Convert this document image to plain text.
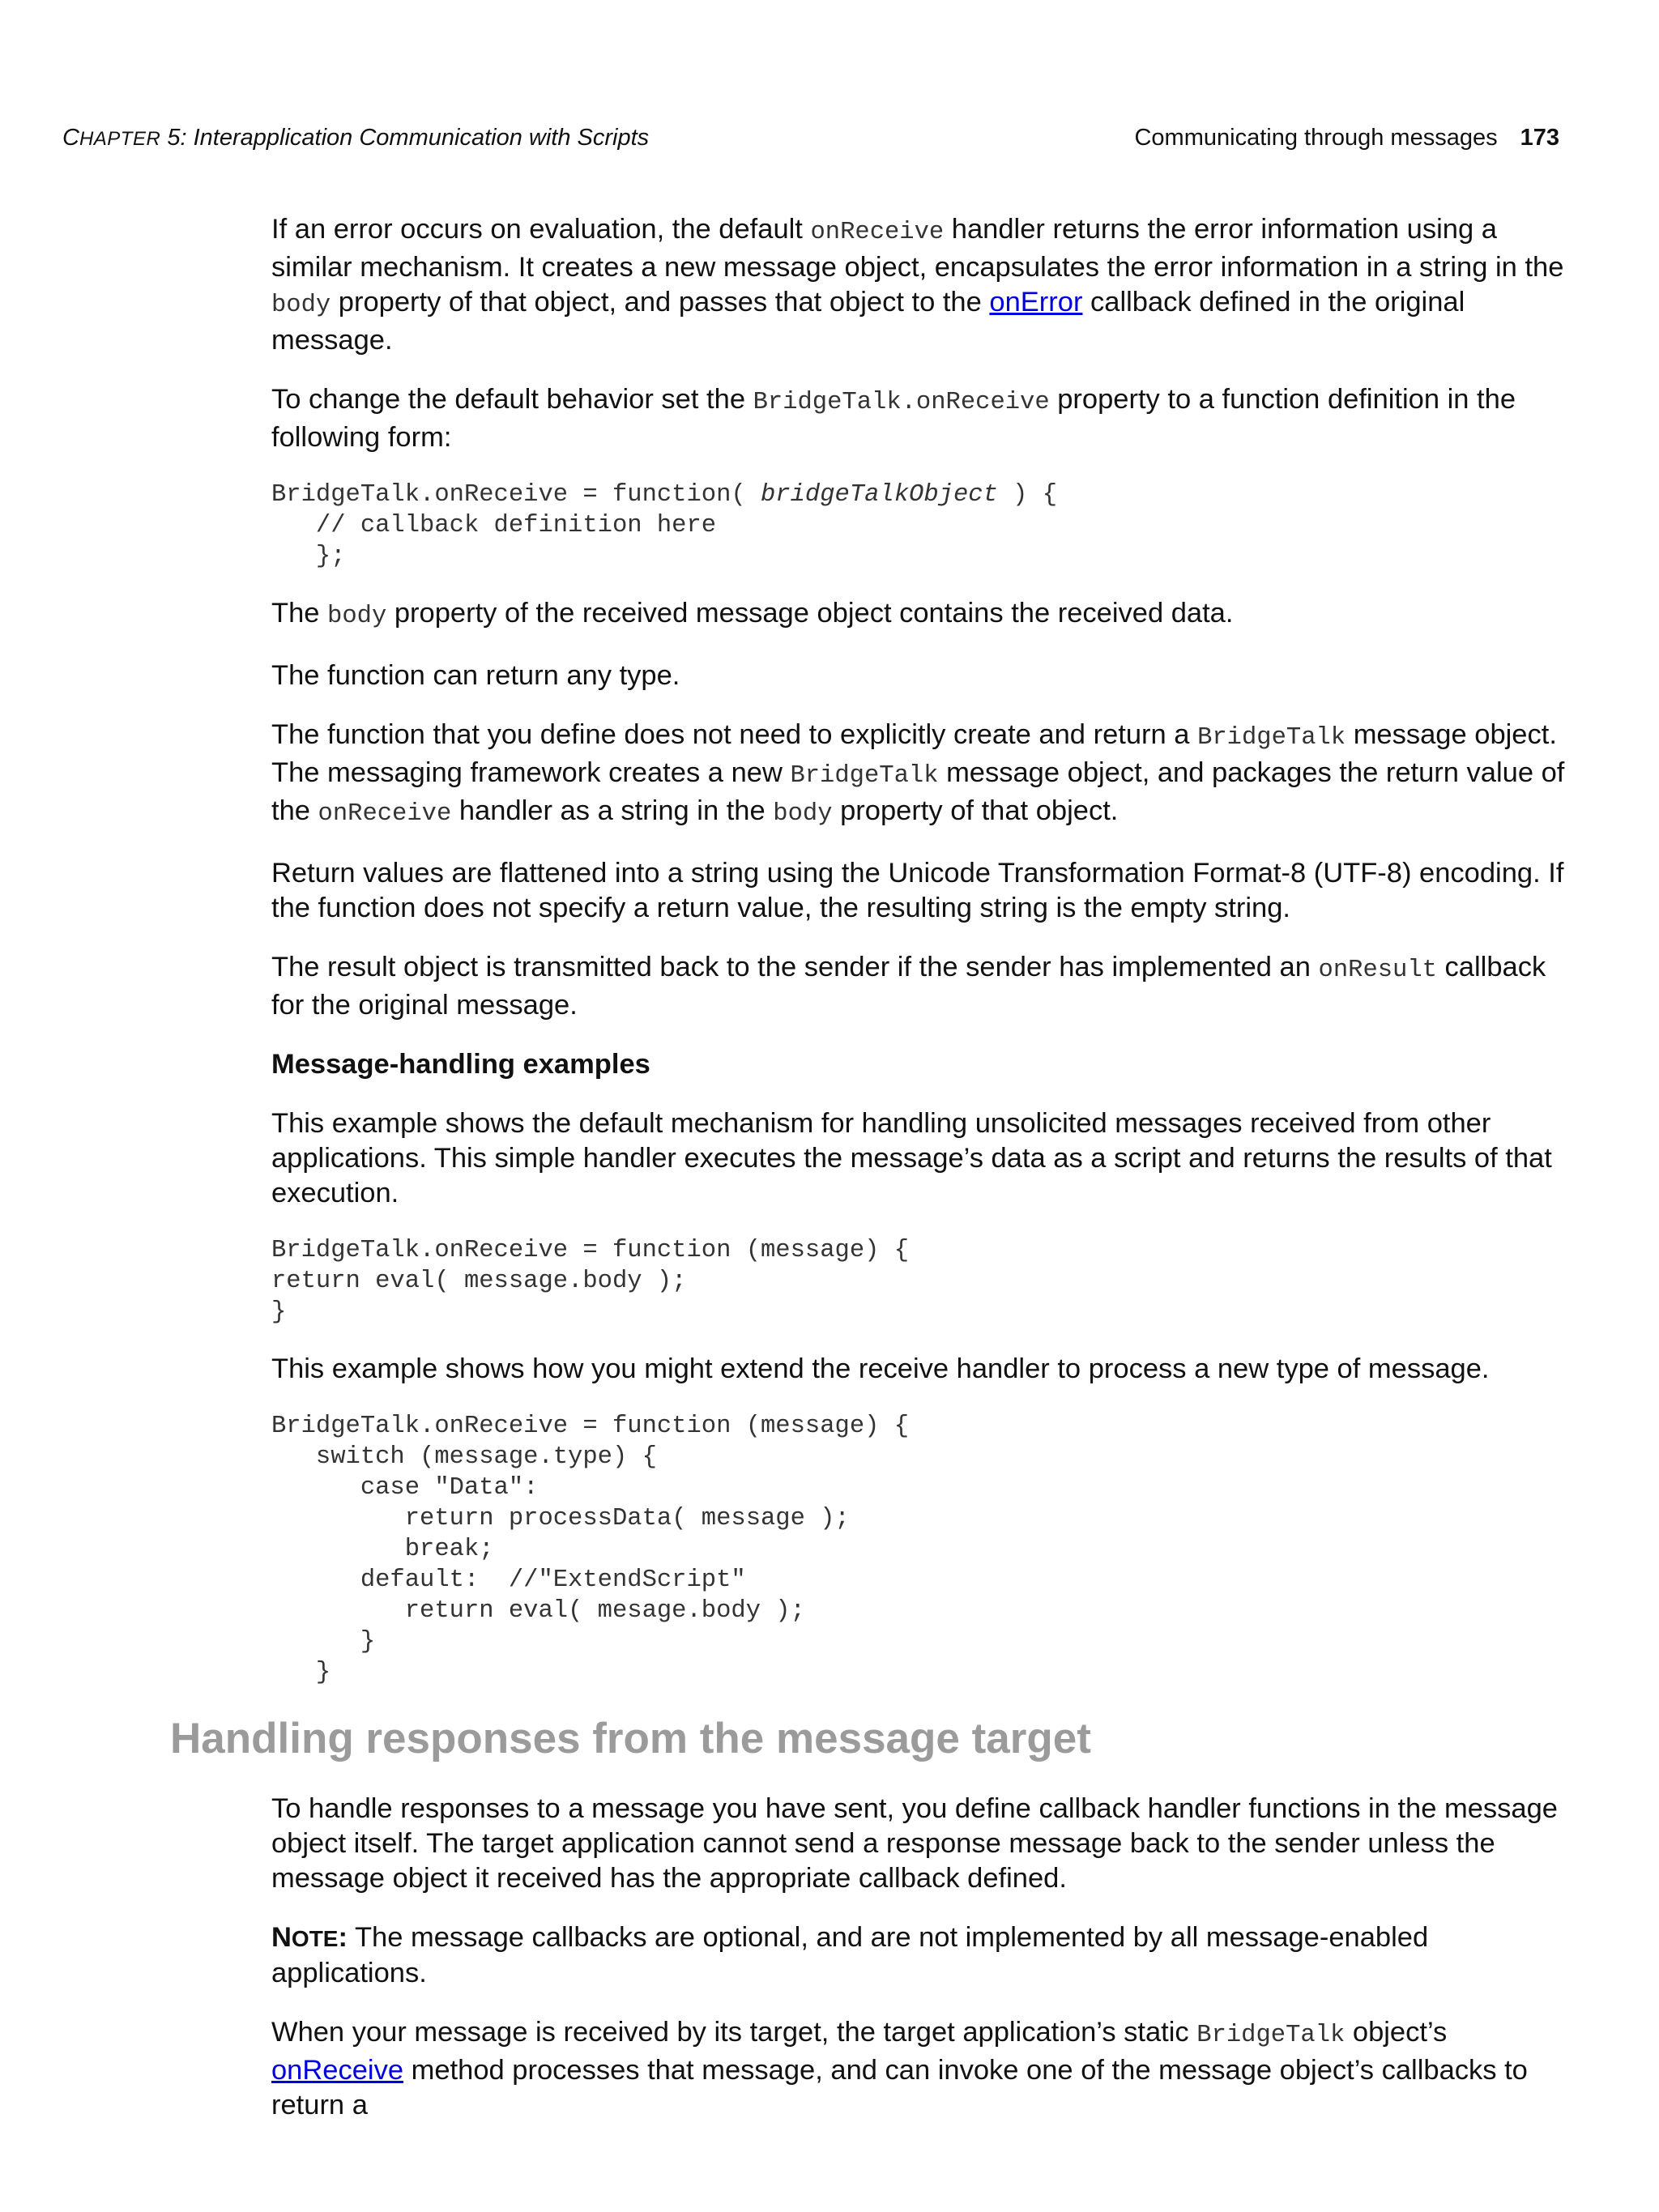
CHAPTER 5: Interapplication Communication with Scripts	Communicating through messages 173

If an error occurs on evaluation, the default onReceive handler returns the error information using a similar mechanism. It creates a new message object, encapsulates the error information in a string in the body property of that object, and passes that object to the onError callback defined in the original message.

To change the default behavior set the BridgeTalk.onReceive property to a function definition in the following form:

BridgeTalk.onReceive = function( bridgeTalkObject ) {
// callback definition here
};

The body property of the received message object contains the received data.

The function can return any type.

The function that you define does not need to explicitly create and return a BridgeTalk message object. The messaging framework creates a new BridgeTalk message object, and packages the return value of the onReceive handler as a string in the body property of that object.

Return values are flattened into a string using the Unicode Transformation Format-8 (UTF-8) encoding. If the function does not specify a return value, the resulting string is the empty string.

The result object is transmitted back to the sender if the sender has implemented an onResult callback for the original message.

Message-handling examples

This example shows the default mechanism for handling unsolicited messages received from other applications. This simple handler executes the message’s data as a script and returns the results of that execution.

BridgeTalk.onReceive = function (message) {
return eval( message.body );
}

This example shows how you might extend the receive handler to process a new type of message.

BridgeTalk.onReceive = function (message) {
switch (message.type) {
case "Data":
return processData( message );
break;
default:  //"ExtendScript"
return eval( mesage.body );
}
}
Handling responses from the message target

To handle responses to a message you have sent, you define callback handler functions in the message object itself. The target application cannot send a response message back to the sender unless the message object it received has the appropriate callback defined.

NOTE: The message callbacks are optional, and are not implemented by all message-enabled applications.

When your message is received by its target, the target application’s static BridgeTalk object’s onReceive method processes that message, and can invoke one of the message object’s callbacks to return a
